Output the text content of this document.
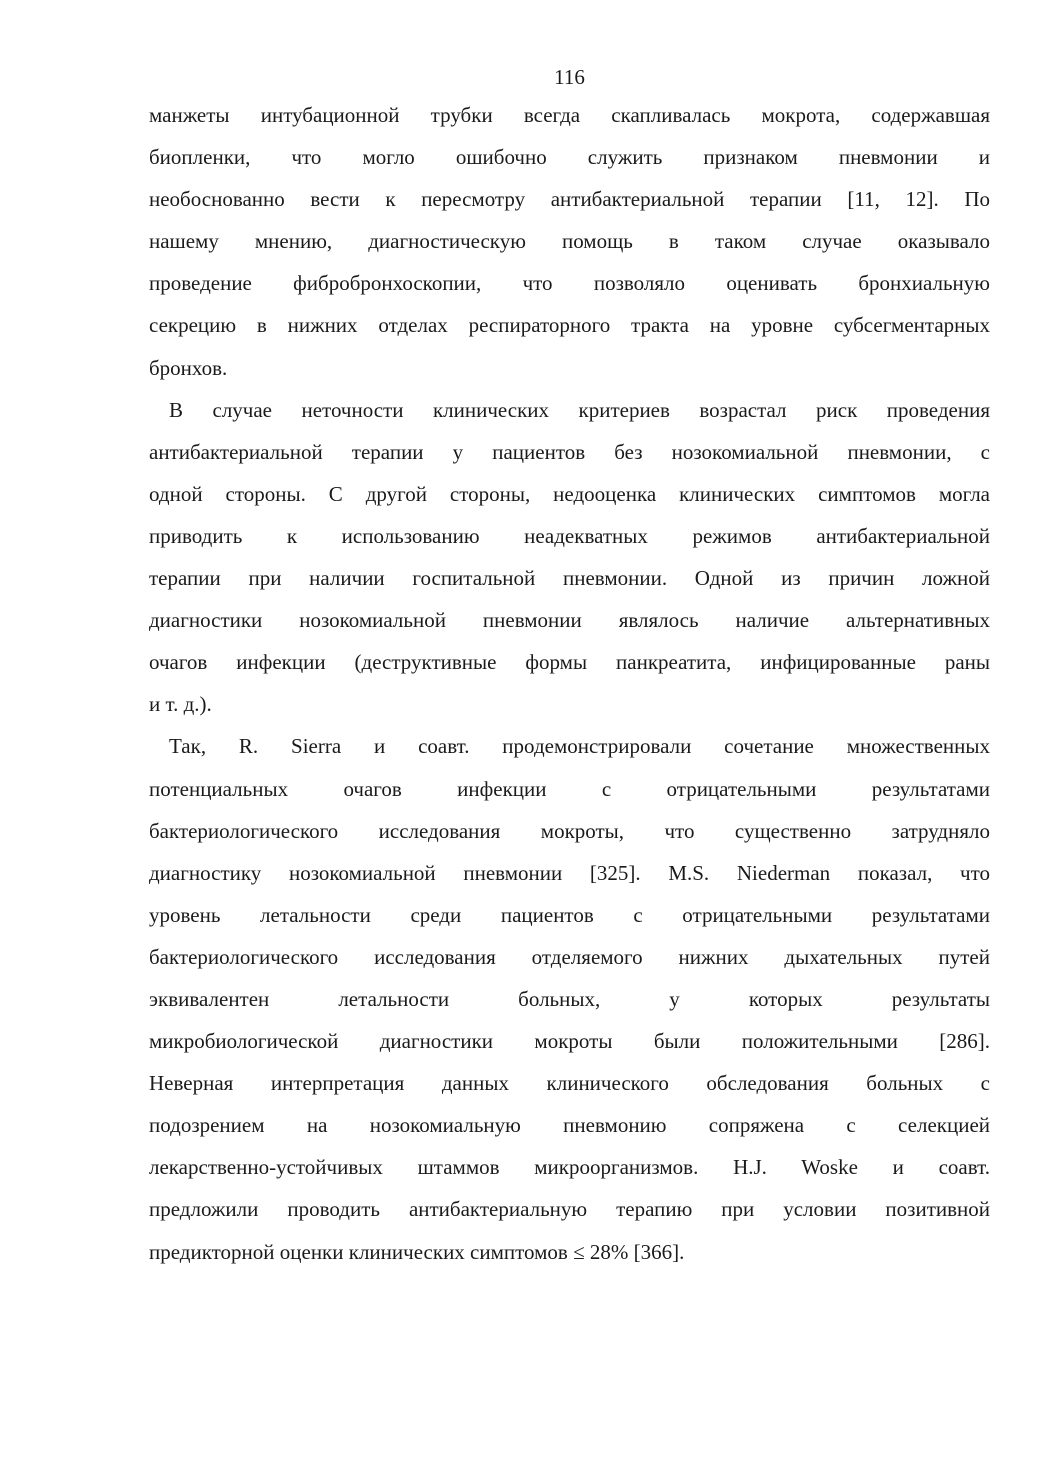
116
манжеты интубационной трубки всегда скапливалась мокрота, содержавшая
биопленки, что могло ошибочно служить признаком пневмонии и
необоснованно вести к пересмотру антибактериальной терапии [11, 12]. По
нашему мнению, диагностическую помощь в таком случае оказывало
проведение фибробронхоскопии, что позволяло оценивать бронхиальную
секрецию в нижних отделах респираторного тракта на уровне субсегментарных
бронхов.
В случае неточности клинических критериев возрастал риск проведения
антибактериальной терапии у пациентов без нозокомиальной пневмонии, с
одной стороны. С другой стороны, недооценка клинических симптомов могла
приводить к использованию неадекватных режимов антибактериальной
терапии при наличии госпитальной пневмонии. Одной из причин ложной
диагностики нозокомиальной пневмонии являлось наличие альтернативных
очагов инфекции (деструктивные формы панкреатита, инфицированные раны
и т. д.).
Так, R. Sierra и соавт. продемонстрировали сочетание множественных
потенциальных очагов инфекции с отрицательными результатами
бактериологического исследования мокроты, что существенно затрудняло
диагностику нозокомиальной пневмонии [325]. M.S. Niederman показал, что
уровень летальности среди пациентов с отрицательными результатами
бактериологического исследования отделяемого нижних дыхательных путей
эквивалентен летальности больных, у которых результаты
микробиологической диагностики мокроты были положительными [286].
Неверная интерпретация данных клинического обследования больных с
подозрением на нозокомиальную пневмонию сопряжена с селекцией
лекарственно-устойчивых штаммов микроорганизмов. H.J. Woske и соавт.
предложили проводить антибактериальную терапию при условии позитивной
предикторной оценки клинических симптомов ≤ 28% [366].
